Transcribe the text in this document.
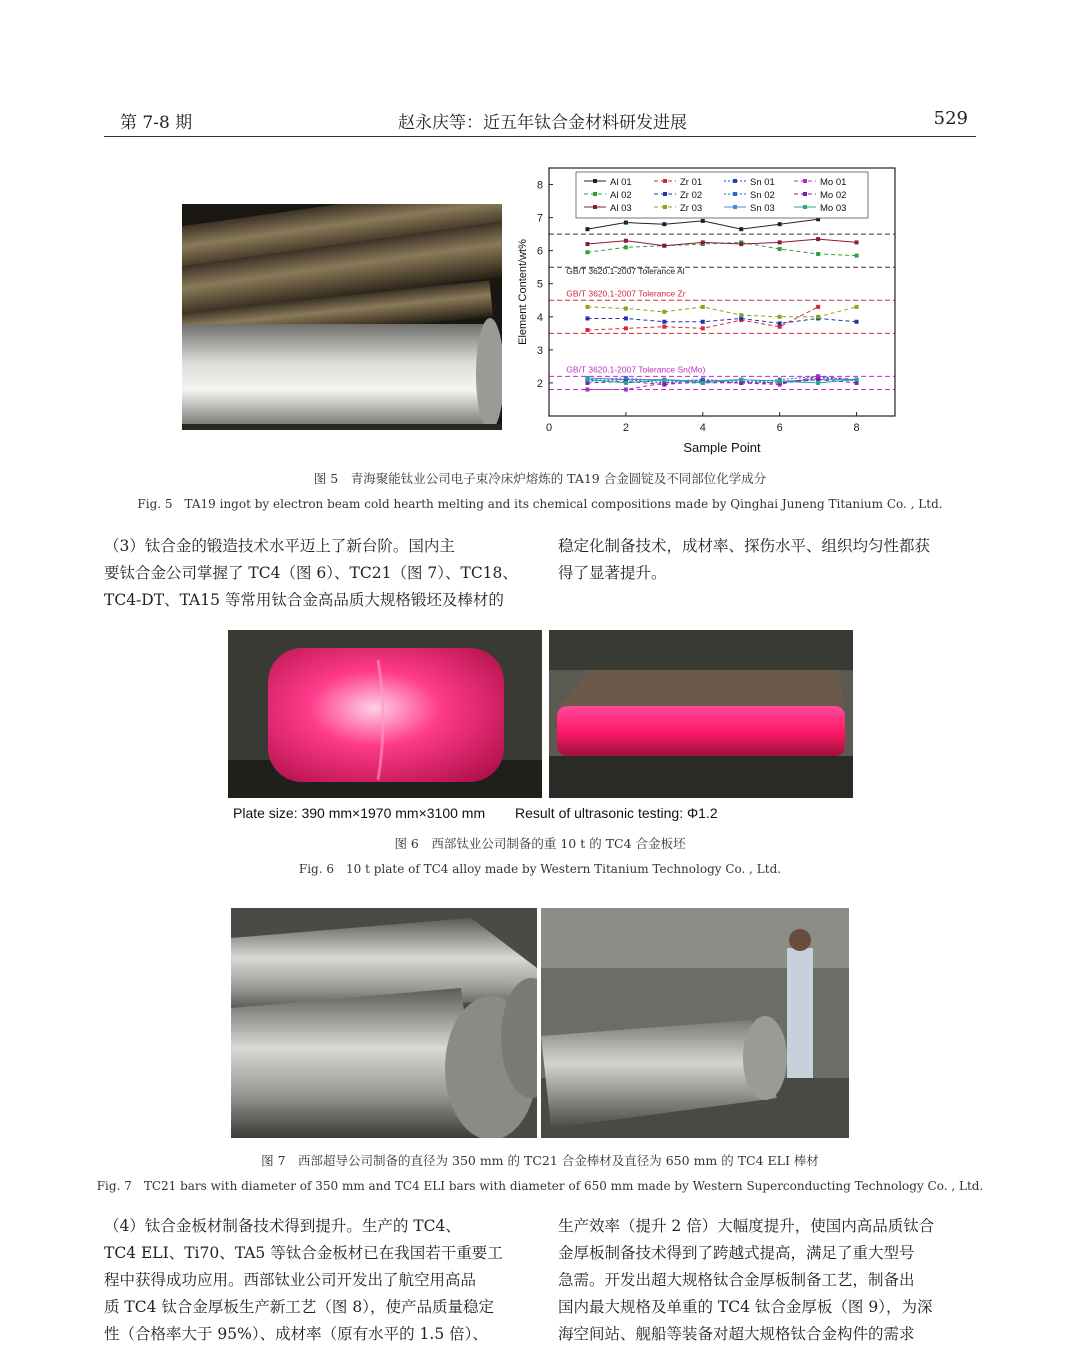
第 7-8 期	赵永庆等：近五年钛合金材料研发进展	529
0	2	4	6	8
2
3
4
5
6
7
8
Sample Point
Element Content/wt%
Al 01	Zr 01	Sn 01	Mo 01
Al 02	Zr 02	Sn 02	Mo 02
Al 03	Zr 03	Sn 03	Mo 03
GB/T 3620.1-2007 Tolerance Al
GB/T 3620.1-2007 Tolerance Zr
GB/T 3620.1-2007 Tolerance Sn(Mo)
图 5　青海聚能钛业公司电子束冷床炉熔炼的 TA19 合金圆锭及不同部位化学成分
Fig. 5　TA19 ingot by electron beam cold hearth melting and its chemical compositions made by Qinghai Juneng Titanium Co. , Ltd.
（3）钛合金的锻造技术水平迈上了新台阶。国内主
要钛合金公司掌握了 TC4（图 6）、TC21（图 7）、TC18、
TC4-DT、TA15 等常用钛合金高品质大规格锻坯及棒材的
稳定化制备技术，成材率、探伤水平、组织均匀性都获
得了显著提升。
Plate size: 390 mm×1970 mm×3100 mm Result of ultrasonic testing: Φ1.2
图 6　西部钛业公司制备的重 10 t 的 TC4 合金板坯
Fig. 6　10 t plate of TC4 alloy made by Western Titanium Technology Co. , Ltd.
图 7　西部超导公司制备的直径为 350 mm 的 TC21 合金棒材及直径为 650 mm 的 TC4 ELI 棒材
Fig. 7　TC21 bars with diameter of 350 mm and TC4 ELI bars with diameter of 650 mm made by Western Superconducting Technology Co. , Ltd.
（4）钛合金板材制备技术得到提升。生产的 TC4、
TC4 ELI、Ti70、TA5 等钛合金板材已在我国若干重要工
程中获得成功应用。西部钛业公司开发出了航空用高品
质 TC4 钛合金厚板生产新工艺（图 8），使产品质量稳定
性（合格率大于 95%）、成材率（原有水平的 1.5 倍）、
生产效率（提升 2 倍）大幅度提升，使国内高品质钛合
金厚板制备技术得到了跨越式提高，满足了重大型号
急需。开发出超大规格钛合金厚板制备工艺，制备出
国内最大规格及单重的 TC4 钛合金厚板（图 9），为深
海空间站、舰船等装备对超大规格钛合金构件的需求
